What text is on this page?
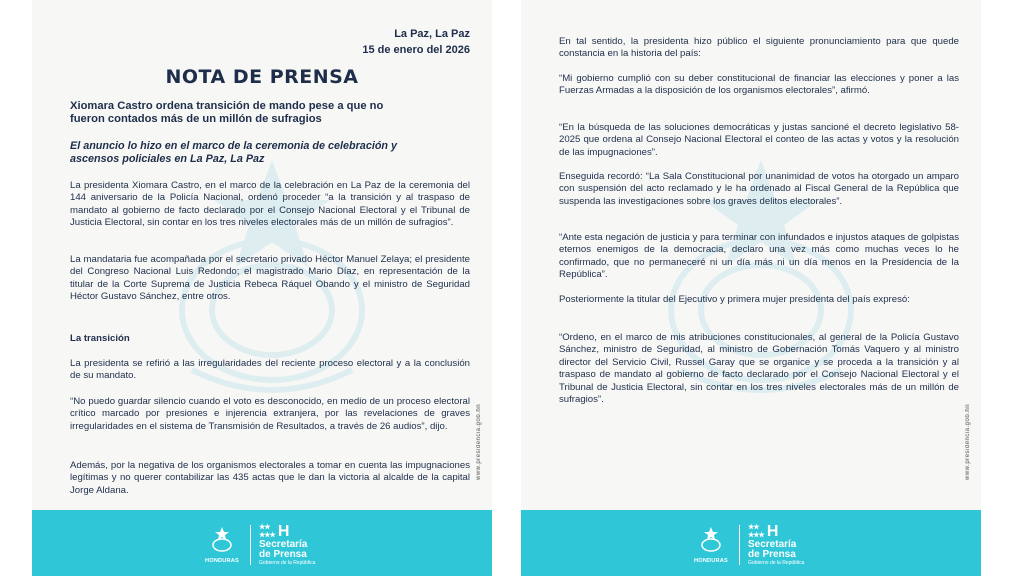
La Paz, La Paz
15 de enero del 2026
NOTA DE PRENSA
Xiomara Castro ordena transición de mando pese a que no
fueron contados más de un millón de sufragios
El anuncio lo hizo en el marco de la ceremonia de celebración y
ascensos policiales en La Paz, La Paz

La presidenta Xiomara Castro, en el marco de la celebración en La Paz de la ceremonia del 144 aniversario de la Policía Nacional, ordenó proceder “a la transición y al traspaso de mandato al gobierno de facto declarado por el Consejo Nacional Electoral y el Tribunal de Justicia Electoral, sin contar en los tres niveles electorales más de un millón de sufragios”.

La mandataria fue acompañada por el secretario privado Héctor Manuel Zelaya; el presidente del Congreso Nacional Luis Redondo; el magistrado Mario Díaz, en representación de la titular de la Corte Suprema de Justicia Rebeca Ráquel Obando y el ministro de Seguridad Héctor Gustavo Sánchez, entre otros.

La transición

La presidenta se refirió a las irregularidades del reciente proceso electoral y a la conclusión de su mandato.

“No puedo guardar silencio cuando el voto es desconocido, en medio de un proceso electoral crítico marcado por presiones e injerencia extranjera, por las revelaciones de graves irregularidades en el sistema de Transmisión de Resultados, a través de 26 audios”, dijo.

Además, por la negativa de los organismos electorales a tomar en cuenta las impugnaciones legítimas y no querer contabilizar las 435 actas que le dan la victoria al alcalde de la capital Jorge Aldana.

www.presidencia.gob.hn
HONDURAS
★★
★★★ H
Secretaría
de Prensa
Gobierno de la República

En tal sentido, la presidenta hizo público el siguiente pronunciamiento para que quede constancia en la historia del país:

“Mi gobierno cumplió con su deber constitucional de financiar las elecciones y poner a las Fuerzas Armadas a la disposición de los organismos electorales”, afirmó.

“En la búsqueda de las soluciones democráticas y justas sancioné el decreto legislativo 58-2025 que ordena al Consejo Nacional Electoral el conteo de las actas y votos y la resolución de las impugnaciones”.

Enseguida recordó: “La Sala Constitucional por unanimidad de votos ha otorgado un amparo con suspensión del acto reclamado y le ha ordenado al Fiscal General de la República que suspenda las investigaciones sobre los graves delitos electorales”.

“Ante esta negación de justicia y para terminar con infundados e injustos ataques de golpistas eternos enemigos de la democracia, declaro una vez más como muchas veces lo he confirmado, que no permaneceré ni un día más ni un día menos en la Presidencia de la República”.

Posteriormente la titular del Ejecutivo y primera mujer presidenta del país expresó:

“Ordeno, en el marco de mis atribuciones constitucionales, al general de la Policía Gustavo Sánchez, ministro de Seguridad, al ministro de Gobernación Tomás Vaquero y al ministro director del Servicio Civil, Russel Garay que se organice y se proceda a la transición y al traspaso de mandato al gobierno de facto declarado por el Consejo Nacional Electoral y el Tribunal de Justicia Electoral, sin contar en los tres niveles electorales más de un millón de sufragios”.

www.presidencia.gob.hn
HONDURAS
★★
★★★ H
Secretaría
de Prensa
Gobierno de la República
